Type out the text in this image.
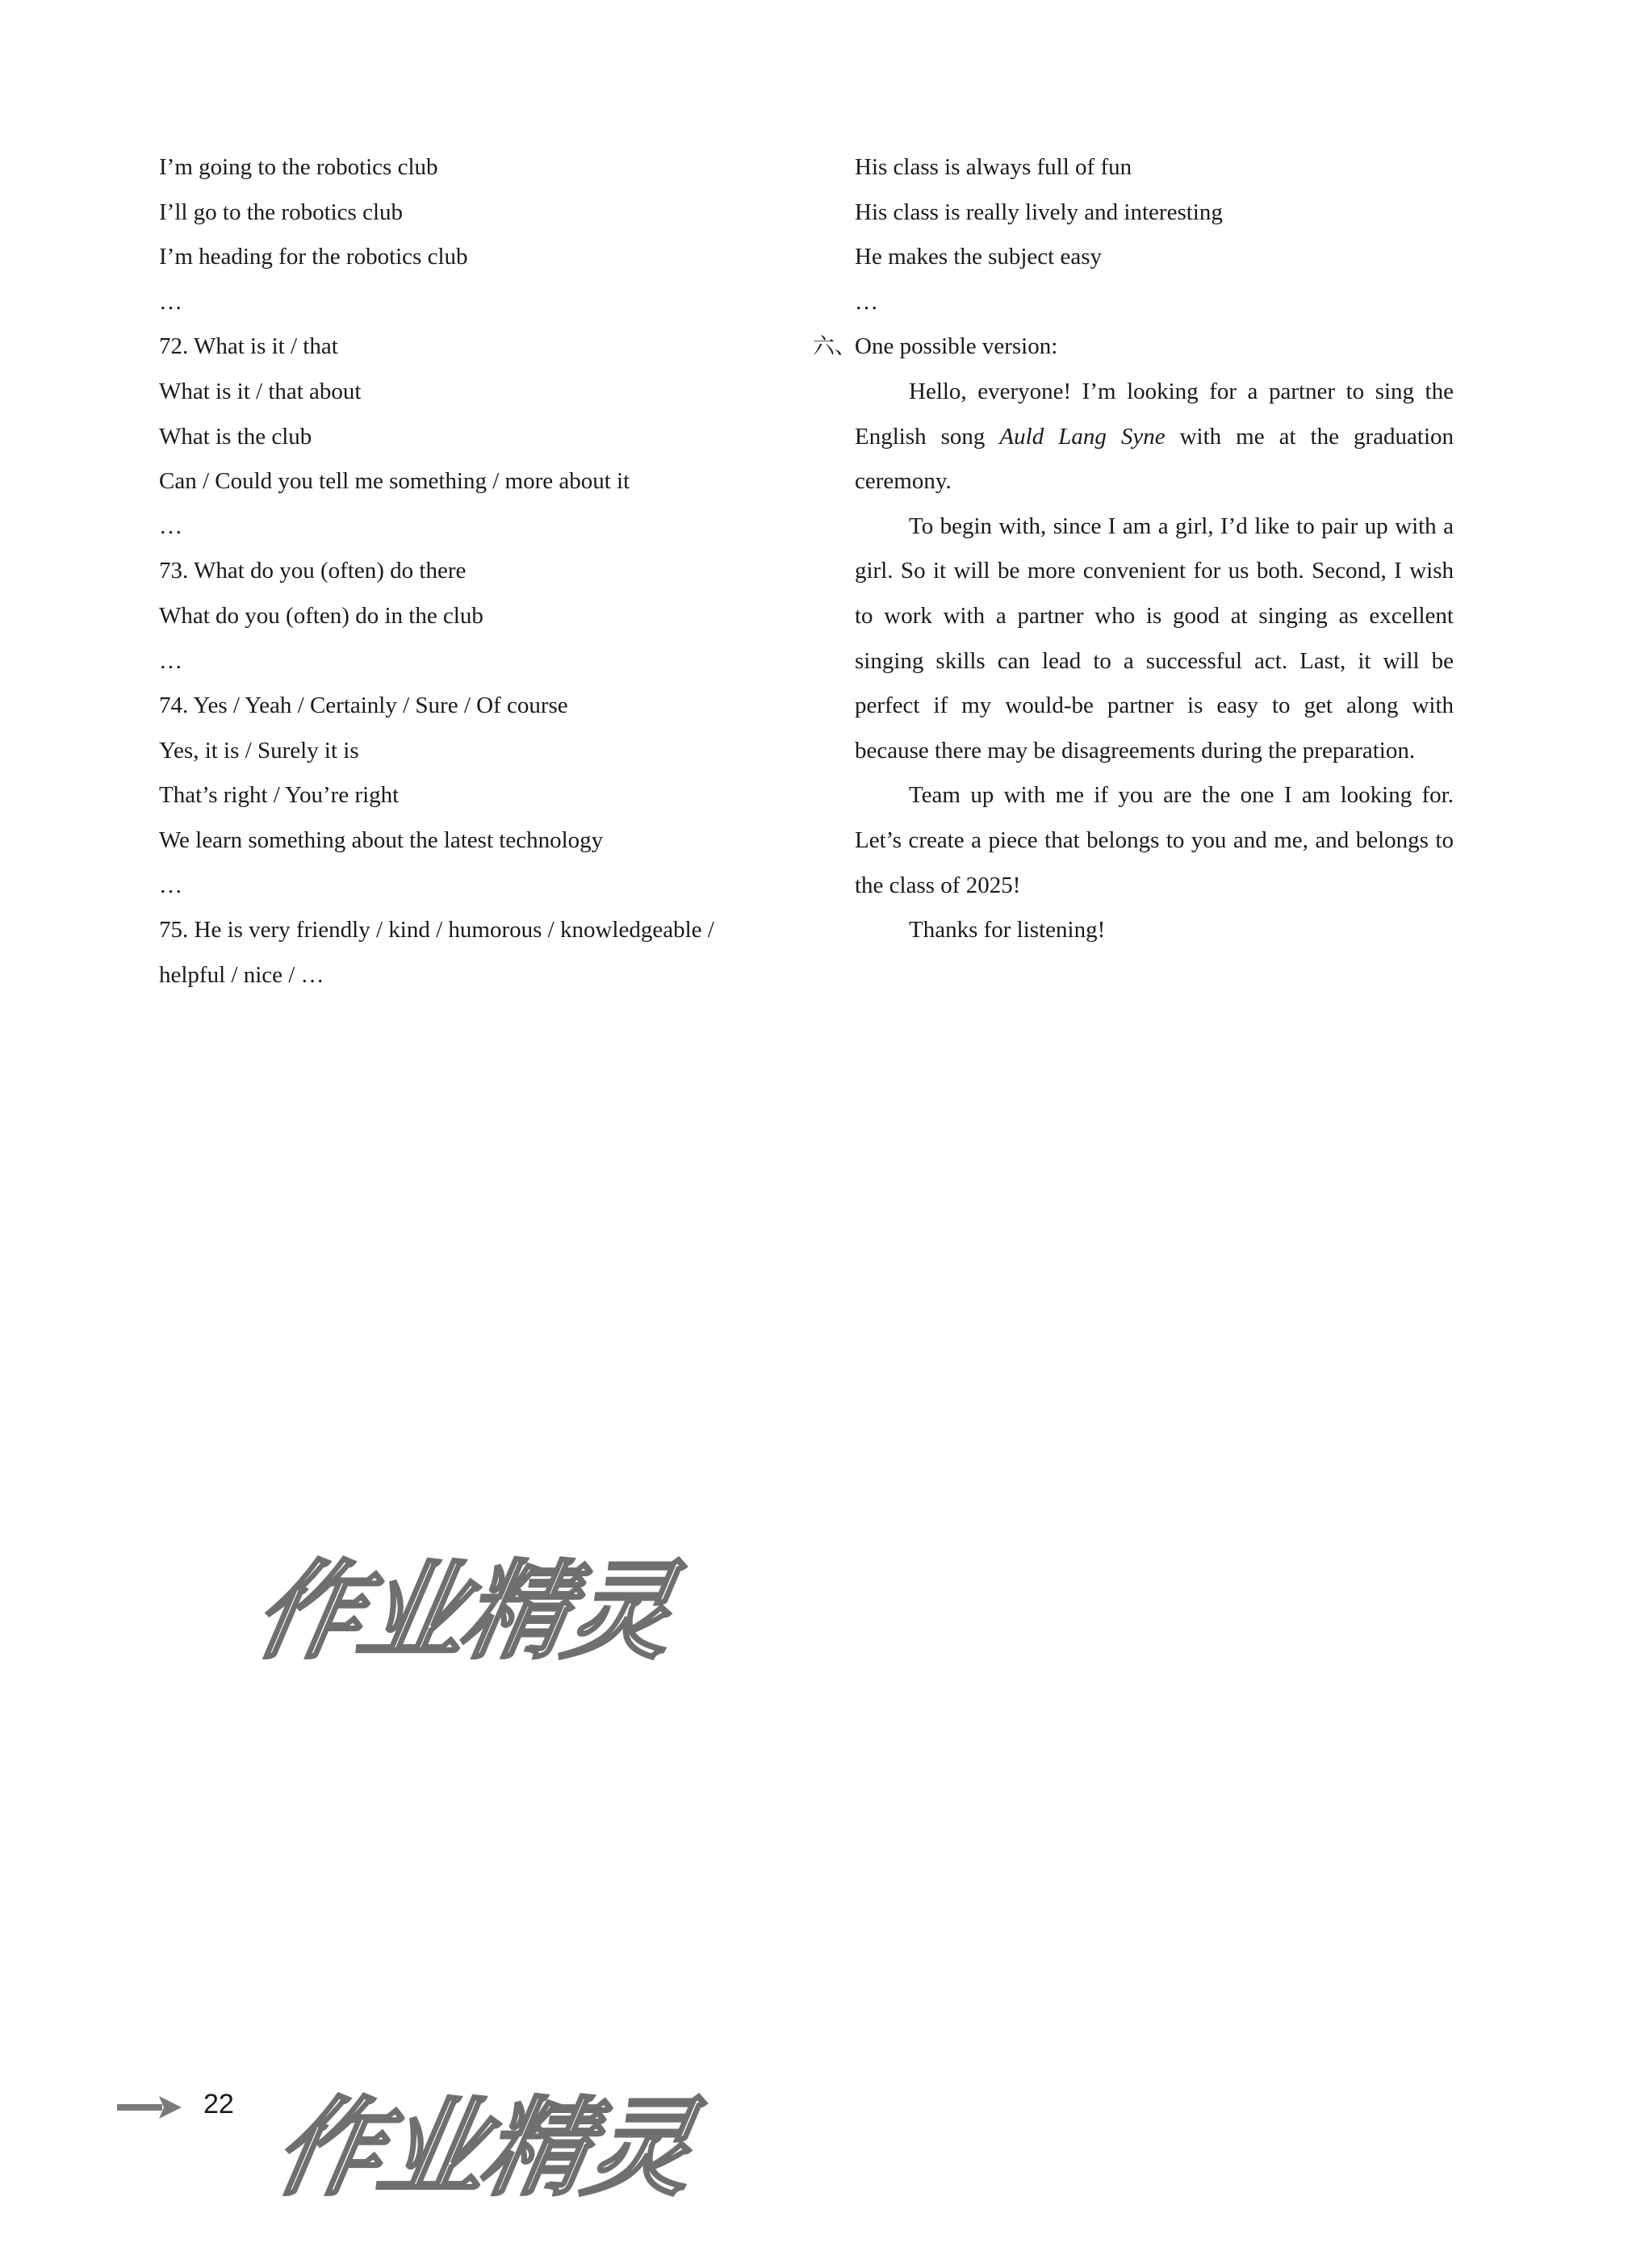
I’m going to the robotics club

I’ll go to the robotics club

I’m heading for the robotics club

…

72. What is it / that

What is it / that about

What is the club

Can / Could you tell me something / more about it

…

73. What do you (often) do there

What do you (often) do in the club

…

74. Yes / Yeah / Certainly / Sure / Of course

Yes, it is / Surely it is

That’s right / You’re right

We learn something about the latest technology

…

75. He is very friendly / kind / humorous / knowledgeable /

helpful / nice / …

His class is always full of fun

His class is really lively and interesting

He makes the subject easy

…

六、
One possible version:

Hello, everyone! I’m looking for a partner to sing the English song Auld Lang Syne with me at the graduation ceremony.

To begin with, since I am a girl, I’d like to pair up with a girl. So it will be more convenient for us both. Second, I wish to work with a partner who is good at singing as excellent singing skills can lead to a successful act. Last, it will be perfect if my would-be partner is easy to get along with because there may be disagreements during the preparation.

Team up with me if you are the one I am looking for. Let’s create a piece that belongs to you and me, and belongs to the class of 2025!

Thanks for listening!

作业精灵
作业精灵
22
